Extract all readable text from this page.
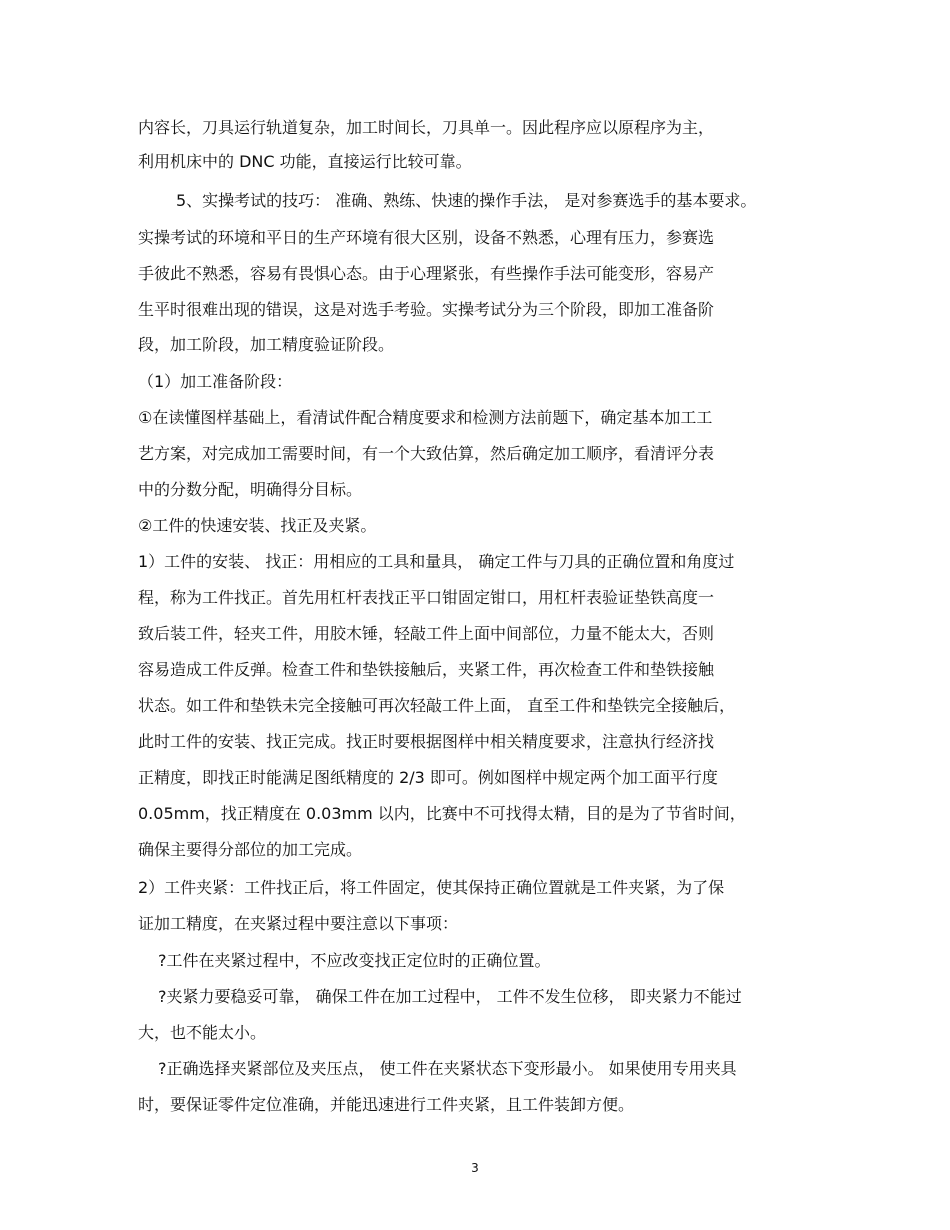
内容长，刀具运行轨道复杂，加工时间长，刀具单一。因此程序应以原程序为主，
利用机床中的 DNC 功能，直接运行比较可靠。
5、实操考试的技巧： 准确、熟练、快速的操作手法， 是对参赛选手的基本要求。
实操考试的环境和平日的生产环境有很大区别，设备不熟悉，心理有压力，参赛选
手彼此不熟悉，容易有畏惧心态。由于心理紧张，有些操作手法可能变形，容易产
生平时很难出现的错误，这是对选手考验。实操考试分为三个阶段，即加工准备阶
段，加工阶段，加工精度验证阶段。
（1）加工准备阶段：
①在读懂图样基础上，看清试件配合精度要求和检测方法前题下，确定基本加工工
艺方案，对完成加工需要时间，有一个大致估算，然后确定加工顺序，看清评分表
中的分数分配，明确得分目标。
②工件的快速安装、找正及夹紧。
1）工件的安装、 找正：用相应的工具和量具， 确定工件与刀具的正确位置和角度过
程，称为工件找正。首先用杠杆表找正平口钳固定钳口，用杠杆表验证垫铁高度一
致后装工件，轻夹工件，用胶木锤，轻敲工件上面中间部位，力量不能太大，否则
容易造成工件反弹。检查工件和垫铁接触后，夹紧工件，再次检查工件和垫铁接触
状态。如工件和垫铁未完全接触可再次轻敲工件上面， 直至工件和垫铁完全接触后，
此时工件的安装、找正完成。找正时要根据图样中相关精度要求，注意执行经济找
正精度，即找正时能满足图纸精度的 2/3 即可。例如图样中规定两个加工面平行度
0.05mm，找正精度在 0.03mm 以内，比赛中不可找得太精，目的是为了节省时间，
确保主要得分部位的加工完成。
2）工件夹紧：工件找正后，将工件固定，使其保持正确位置就是工件夹紧，为了保
证加工精度，在夹紧过程中要注意以下事项：
?工件在夹紧过程中，不应改变找正定位时的正确位置。
?夹紧力要稳妥可靠， 确保工件在加工过程中， 工件不发生位移， 即夹紧力不能过
大，也不能太小。
?正确选择夹紧部位及夹压点， 使工件在夹紧状态下变形最小。 如果使用专用夹具
时，要保证零件定位准确，并能迅速进行工件夹紧，且工件装卸方便。
3
